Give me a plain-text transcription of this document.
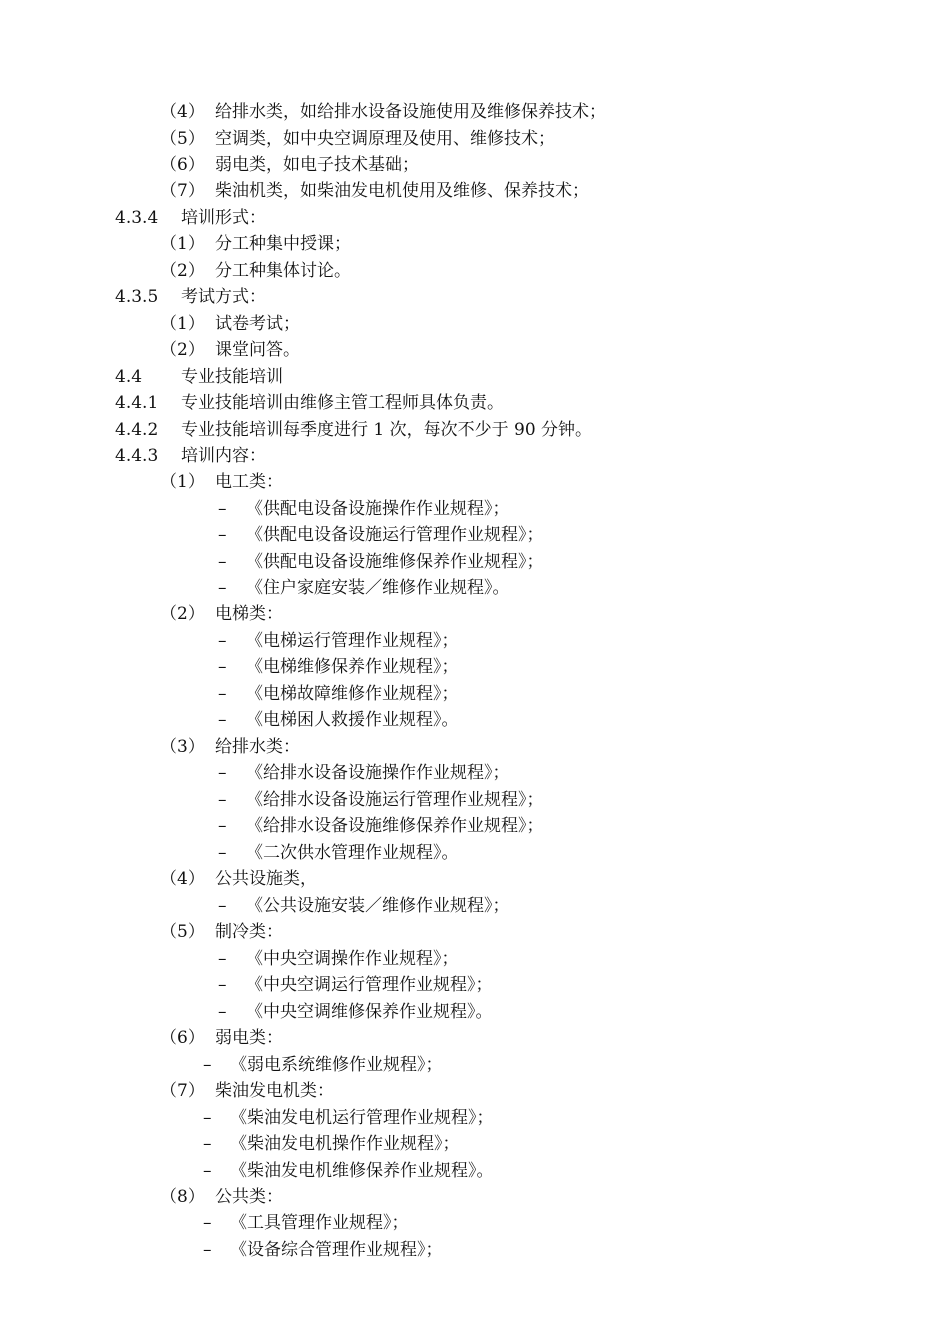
（4） 给排水类，如给排水设备设施使用及维修保养技术；
（5） 空调类，如中央空调原理及使用、维修技术；
（6） 弱电类，如电子技术基础；
（7） 柴油机类，如柴油发电机使用及维修、保养技术；
4.3.4 培训形式：
（1） 分工种集中授课；
（2） 分工种集体讨论。
4.3.5 考试方式：
（1） 试卷考试；
（2） 课堂问答。
4.4 专业技能培训
4.4.1 专业技能培训由维修主管工程师具体负责。
4.4.2 专业技能培训每季度进行 1 次，每次不少于 90 分钟。
4.4.3 培训内容：
（1） 电工类：
– 《供配电设备设施操作作业规程》；
– 《供配电设备设施运行管理作业规程》；
– 《供配电设备设施维修保养作业规程》；
– 《住户家庭安装／维修作业规程》。
（2） 电梯类：
– 《电梯运行管理作业规程》；
– 《电梯维修保养作业规程》；
– 《电梯故障维修作业规程》；
– 《电梯困人救援作业规程》。
（3） 给排水类：
– 《给排水设备设施操作作业规程》；
– 《给排水设备设施运行管理作业规程》；
– 《给排水设备设施维修保养作业规程》；
– 《二次供水管理作业规程》。
（4） 公共设施类，
– 《公共设施安装／维修作业规程》；
（5） 制冷类：
– 《中央空调操作作业规程》；
– 《中央空调运行管理作业规程》；
– 《中央空调维修保养作业规程》。
（6） 弱电类：
– 《弱电系统维修作业规程》；
（7） 柴油发电机类：
– 《柴油发电机运行管理作业规程》；
– 《柴油发电机操作作业规程》；
– 《柴油发电机维修保养作业规程》。
（8） 公共类：
– 《工具管理作业规程》；
– 《设备综合管理作业规程》；
